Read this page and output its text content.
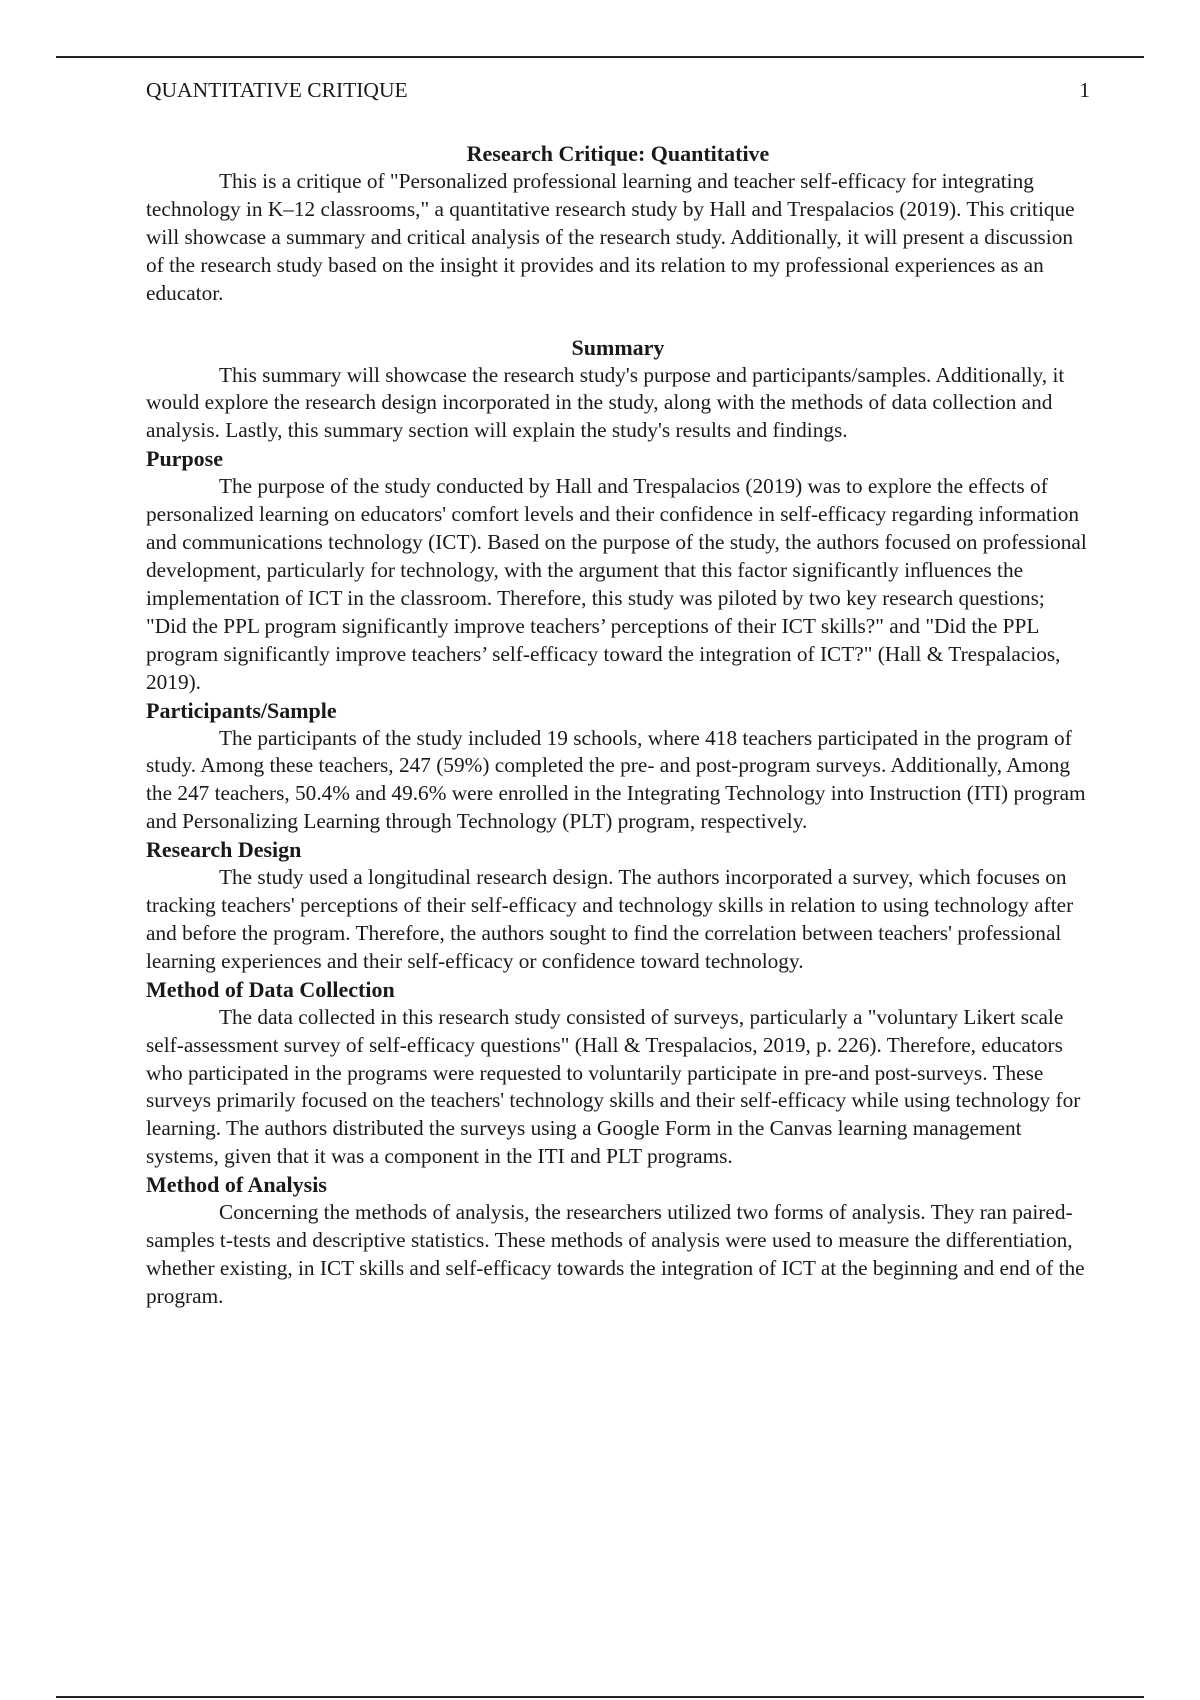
QUANTITATIVE CRITIQUE	1
Research Critique: Quantitative

This is a critique of "Personalized professional learning and teacher self-efficacy for integrating technology in K–12 classrooms," a quantitative research study by Hall and Trespalacios (2019). This critique will showcase a summary and critical analysis of the research study. Additionally, it will present a discussion of the research study based on the insight it provides and its relation to my professional experiences as an educator.

Summary

This summary will showcase the research study's purpose and participants/samples. Additionally, it would explore the research design incorporated in the study, along with the methods of data collection and analysis. Lastly, this summary section will explain the study's results and findings.

Purpose

The purpose of the study conducted by Hall and Trespalacios (2019) was to explore the effects of personalized learning on educators' comfort levels and their confidence in self-efficacy regarding information and communications technology (ICT). Based on the purpose of the study, the authors focused on professional development, particularly for technology, with the argument that this factor significantly influences the implementation of ICT in the classroom. Therefore, this study was piloted by two key research questions; "Did the PPL program significantly improve teachers’ perceptions of their ICT skills?" and "Did the PPL program significantly improve teachers’ self-efficacy toward the integration of ICT?" (Hall & Trespalacios, 2019).

Participants/Sample

The participants of the study included 19 schools, where 418 teachers participated in the program of study. Among these teachers, 247 (59%) completed the pre- and post-program surveys. Additionally, Among the 247 teachers, 50.4% and 49.6% were enrolled in the Integrating Technology into Instruction (ITI) program and Personalizing Learning through Technology (PLT) program, respectively.

Research Design

The study used a longitudinal research design. The authors incorporated a survey, which focuses on tracking teachers' perceptions of their self-efficacy and technology skills in relation to using technology after and before the program. Therefore, the authors sought to find the correlation between teachers' professional learning experiences and their self-efficacy or confidence toward technology.

Method of Data Collection

The data collected in this research study consisted of surveys, particularly a "voluntary Likert scale self-assessment survey of self-efficacy questions" (Hall & Trespalacios, 2019, p. 226). Therefore, educators who participated in the programs were requested to voluntarily participate in pre-and post-surveys. These surveys primarily focused on the teachers' technology skills and their self-efficacy while using technology for learning. The authors distributed the surveys using a Google Form in the Canvas learning management systems, given that it was a component in the ITI and PLT programs.

Method of Analysis

Concerning the methods of analysis, the researchers utilized two forms of analysis. They ran paired-samples t-tests and descriptive statistics. These methods of analysis were used to measure the differentiation, whether existing, in ICT skills and self-efficacy towards the integration of ICT at the beginning and end of the program.
